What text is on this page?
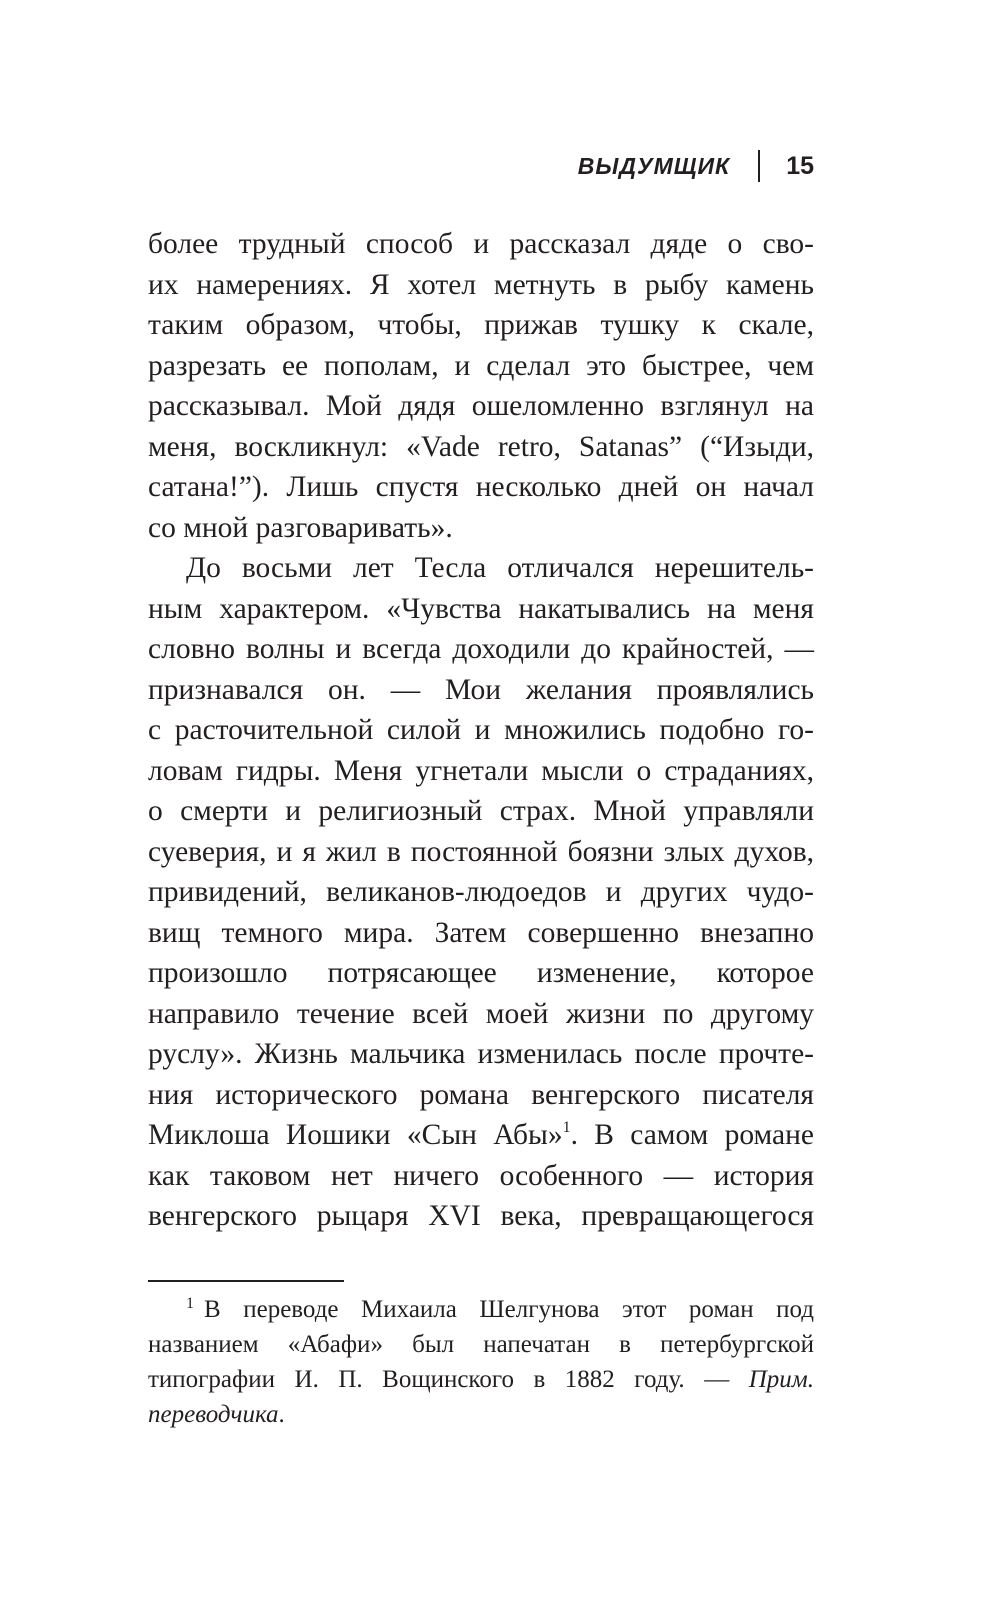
ВЫДУМЩИК 15
более трудный способ и рассказал дяде о сво-
их намерениях. Я хотел метнуть в рыбу камень
таким образом, чтобы, прижав тушку к скале,
разрезать ее пополам, и сделал это быстрее, чем
рассказывал. Мой дядя ошеломленно взглянул на
меня, воскликнул: «Vade retro, Satanas” (“Изыди,
сатана!”). Лишь спустя несколько дней он начал
со мной разговаривать».
До восьми лет Тесла отличался нерешитель-
ным характером. «Чувства накатывались на меня
словно волны и всегда доходили до крайностей, —
признавался он. — Мои желания проявлялись
с расточительной силой и множились подобно го-
ловам гидры. Меня угнетали мысли о страданиях,
о смерти и религиозный страх. Мной управляли
суеверия, и я жил в постоянной боязни злых духов,
привидений, великанов-людоедов и других чудо-
вищ темного мира. Затем совершенно внезапно
произошло потрясающее изменение, которое
направило течение всей моей жизни по другому
руслу». Жизнь мальчика изменилась после прочте-
ния исторического романа венгерского писателя
Миклоша Иошики «Сын Абы»$^1$. В самом романе
как таковом нет ничего особенного — история
венгерского рыцаря XVI века, превращающегося
$^1$ В переводе Михаила Шелгунова этот роман под
названием «Абафи» был напечатан в петербургской
типографии И. П. Вощинского в 1882 году. — Прим.
переводчика.
